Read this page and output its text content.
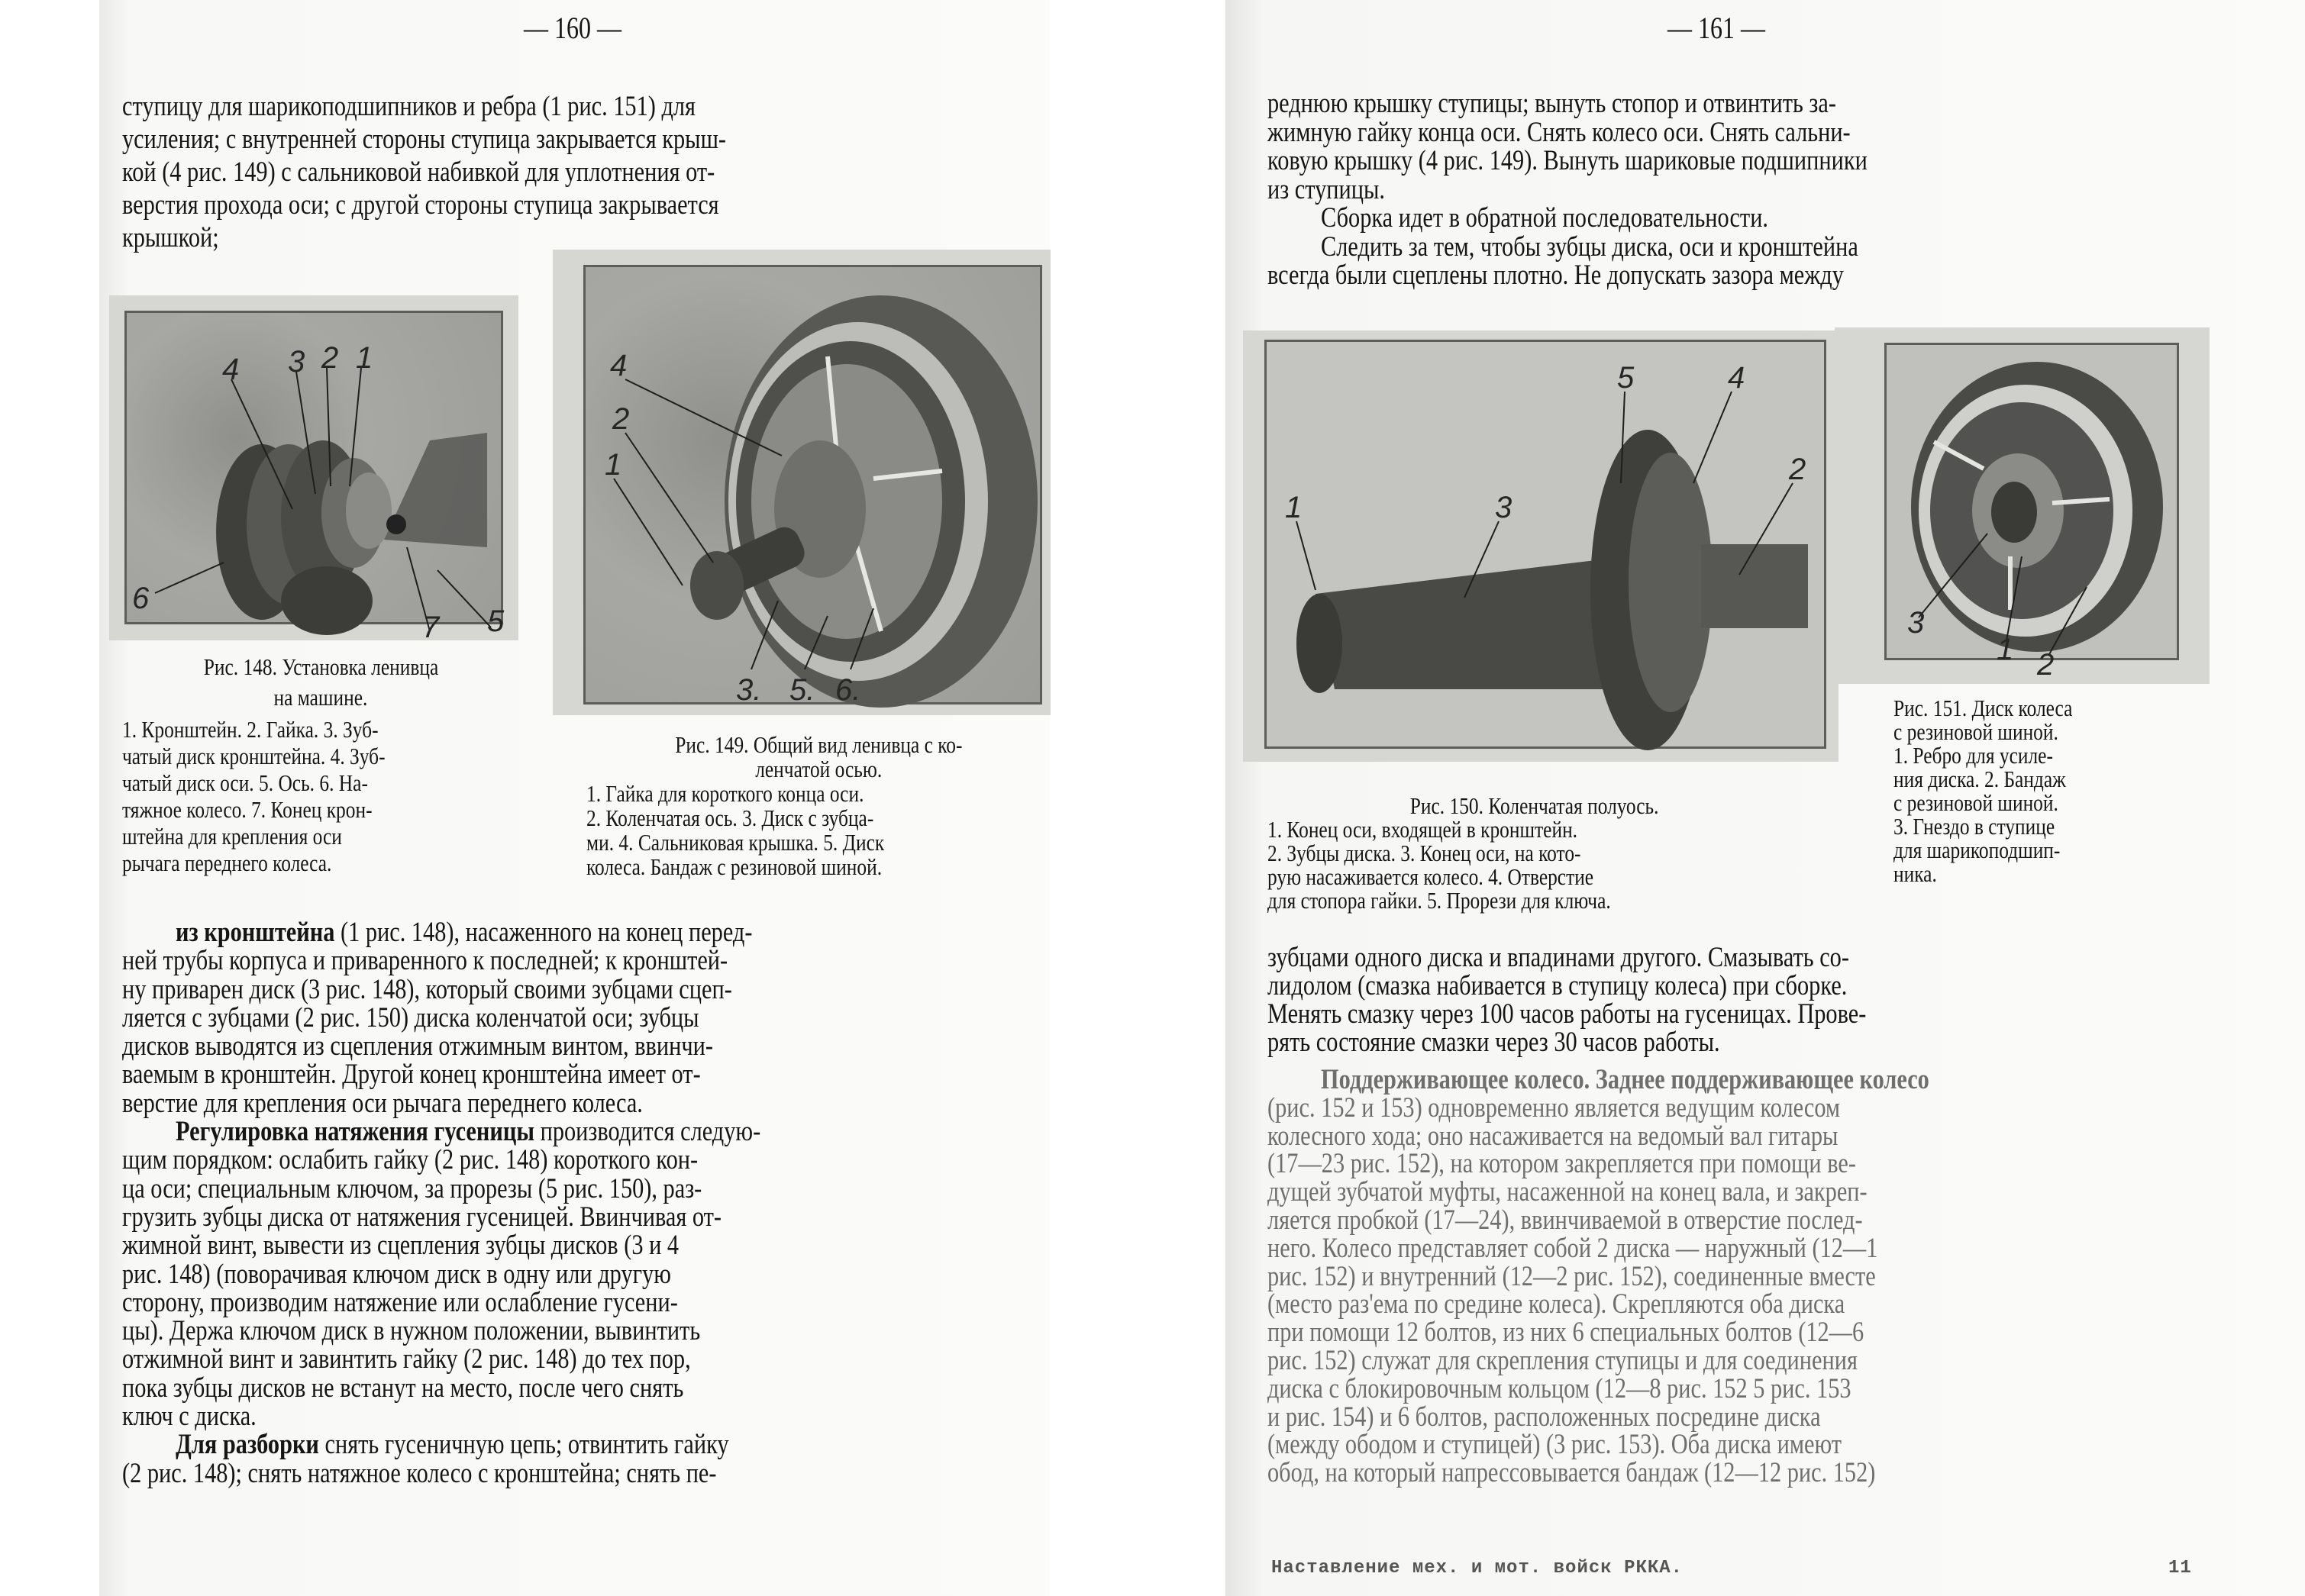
— 160 —
ступицу для шарикоподшипников и ребра (1 рис. 151) для
усиления; с внутренней стороны ступица закрывается крыш-
кой (4 рис. 149) с сальниковой набивкой для уплотнения от-
верстия прохода оси; с другой стороны ступица закрывается
крышкой;
4 3 2 1
6
5
7
Рис. 148. Установка ленивца
на машине.
1. Кронштейн. 2. Гайка. 3. Зуб-
чатый диск кронштейна. 4. Зуб-
чатый диск оси. 5. Ось. 6. На-
тяжное колесо. 7. Конец крон-
штейна для крепления оси
рычага переднего колеса.
4
2
1
3. 5. 6.
Рис. 149. Общий вид ленивца с ко-
ленчатой осью.
1. Гайка для короткого конца оси.
2. Коленчатая ось. 3. Диск с зубца-
ми. 4. Сальниковая крышка. 5. Диск
колеса. Бандаж с резиновой шиной.
из кронштейна (1 рис. 148), насаженного на конец перед-
ней трубы корпуса и приваренного к последней; к кронштей-
ну приварен диск (3 рис. 148), который своими зубцами сцеп-
ляется с зубцами (2 рис. 150) диска коленчатой оси; зубцы
дисков выводятся из сцепления отжимным винтом, ввинчи-
ваемым в кронштейн. Другой конец кронштейна имеет от-
верстие для крепления оси рычага переднего колеса.
Регулировка натяжения гусеницы производится следую-
щим порядком: ослабить гайку (2 рис. 148) короткого кон-
ца оси; специальным ключом, за прорезы (5 рис. 150), раз-
грузить зубцы диска от натяжения гусеницей. Ввинчивая от-
жимной винт, вывести из сцепления зубцы дисков (3 и 4
рис. 148) (поворачивая ключом диск в одну или другую
сторону, производим натяжение или ослабление гусени-
цы). Держа ключом диск в нужном положении, вывинтить
отжимной винт и завинтить гайку (2 рис. 148) до тех пор,
пока зубцы дисков не встанут на место, после чего снять
ключ с диска.
Для разборки снять гусеничную цепь; отвинтить гайку
(2 рис. 148); снять натяжное колесо с кронштейна; снять пе-
— 161 —
реднюю крышку ступицы; вынуть стопор и отвинтить за-
жимную гайку конца оси. Снять колесо оси. Снять сальни-
ковую крышку (4 рис. 149). Вынуть шариковые подшипники
из ступицы.
Сборка идет в обратной последовательности.
Следить за тем, чтобы зубцы диска, оси и кронштейна
всегда были сцеплены плотно. Не допускать зазора между
1	3
5	4
2
Рис. 150. Коленчатая полуось.
1. Конец оси, входящей в кронштейн.
2. Зубцы диска. 3. Конец оси, на кото-
рую насаживается колесо. 4. Отверстие
для стопора гайки. 5. Прорези для ключа.
3
1 2
Рис. 151. Диск колеса
с резиновой шиной.
1. Ребро для усиле-
ния диска. 2. Бандаж
с резиновой шиной.
3. Гнездо в ступице
для шарикоподшип-
ника.
зубцами одного диска и впадинами другого. Смазывать со-
лидолом (смазка набивается в ступицу колеса) при сборке.
Менять смазку через 100 часов работы на гусеницах. Прове-
рять состояние смазки через 30 часов работы.
Поддерживающее колесо. Заднее поддерживающее колесо
(рис. 152 и 153) одновременно является ведущим колесом
колесного хода; оно насаживается на ведомый вал гитары
(17—23 рис. 152), на котором закрепляется при помощи ве-
дущей зубчатой муфты, насаженной на конец вала, и закреп-
ляется пробкой (17—24), ввинчиваемой в отверстие послед-
него. Колесо представляет собой 2 диска — наружный (12—1
рис. 152) и внутренний (12—2 рис. 152), соединенные вместе
(место раз'ема по средине колеса). Скрепляются оба диска
при помощи 12 болтов, из них 6 специальных болтов (12—6
рис. 152) служат для скрепления ступицы и для соединения
диска с блокировочным кольцом (12—8 рис. 152 5 рис. 153
и рис. 154) и 6 болтов, расположенных посредине диска
(между ободом и ступицей) (3 рис. 153). Оба диска имеют
обод, на который напрессовывается бандаж (12—12 рис. 152)
Наставление мех. и мот. войск РККА.	11
